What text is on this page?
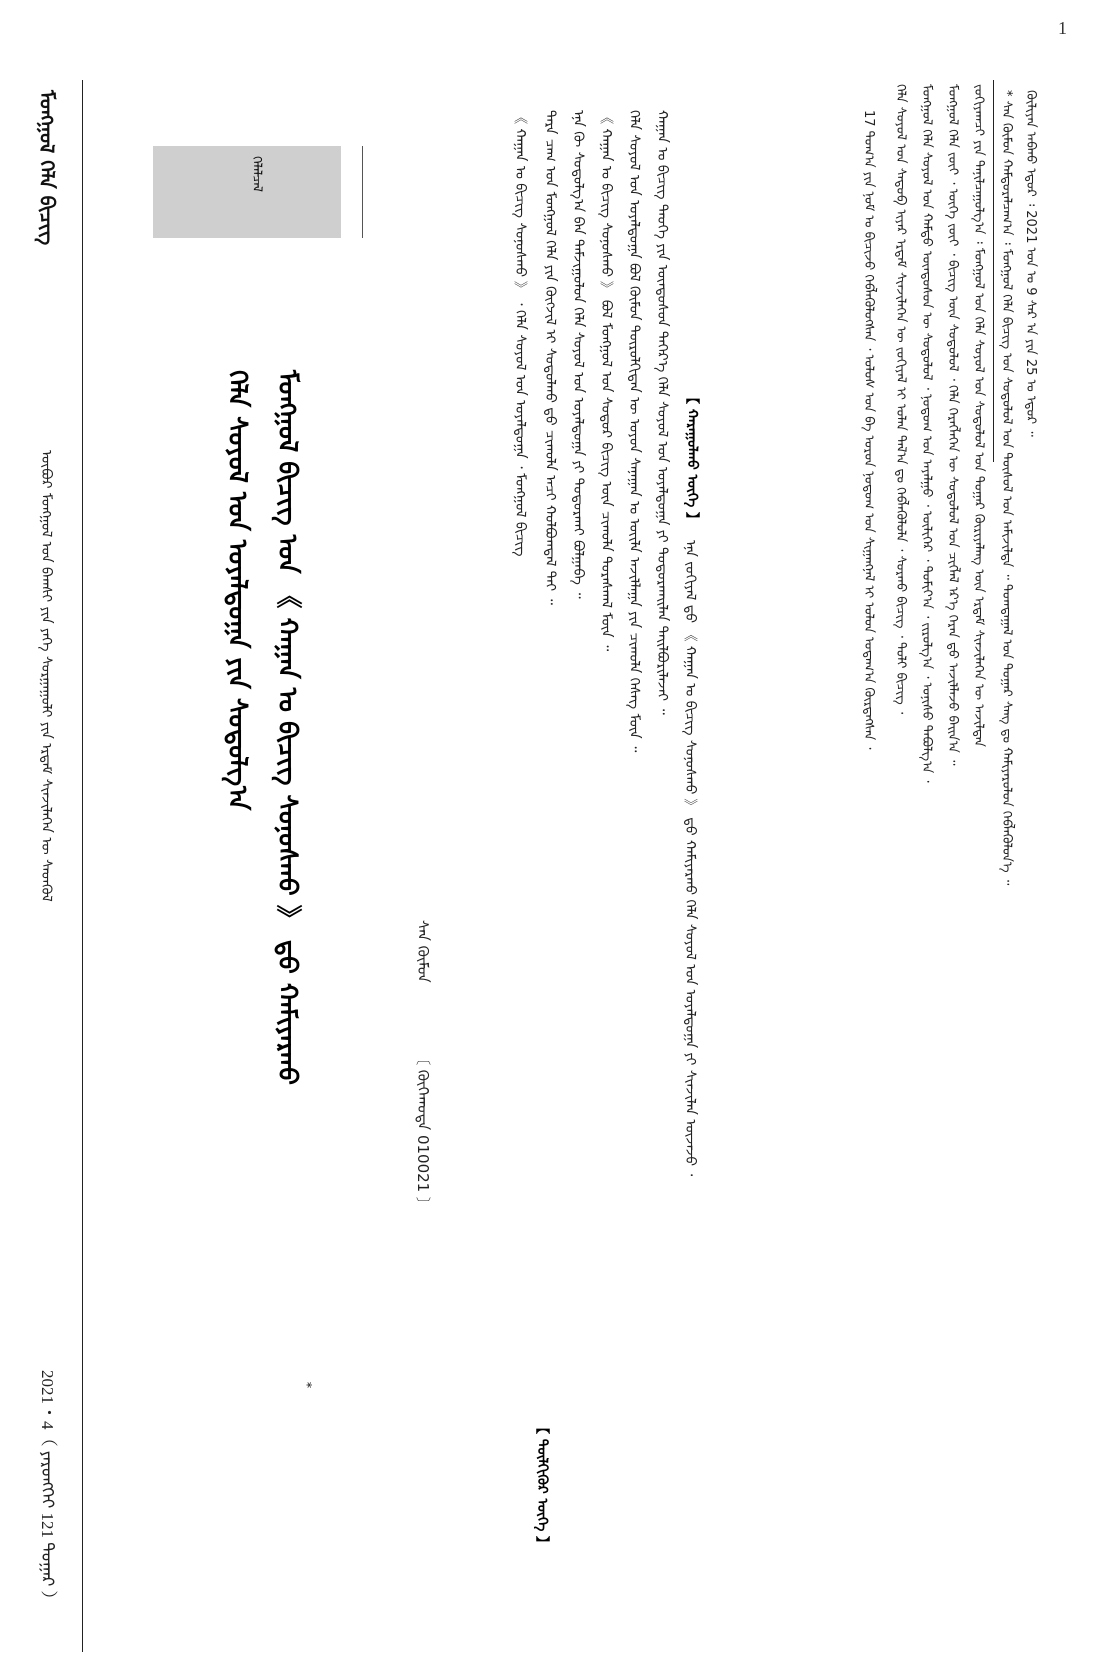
1
ᠬᠦᠯᠢᠶᠡᠨ ᠠᠪᠬᠤ ᠡᠳᠦᠷ ᠄ 2021 ᠣᠨ ᠤ 9 ᠰᠠᠷ ᠠ ᠶᠢᠨ 25 ᠤ ᠡᠳᠦᠷ ᠃
* ᠰᠠᠨ ᠬᠥᠮᠦᠨ ᠬᠠᠮᠲᠤᠷᠠᠯᠴᠠᠭ᠎ᠠ ᠄ ᠮᠣᠩᠭᠣᠯ ᠬᠡᠯᠡ ᠪᠢᠴᠢᠭ ᠤᠨ ᠰᠤᠳᠤᠯᠤᠯ ᠤᠨ ᠲᠥᠰᠥᠯ ᠤᠨ ᠠᠮᠢᠵᠢᠯᠲᠠ ᠃ ᠲᠣᠭᠲᠠᠭᠠᠯ ᠤᠨ ᠳᠤᠭᠠᠷ ᠰᠠᠩ ᠳᠤ ᠬᠠᠮᠢᠶᠠᠷᠤᠯᠤᠨ ᠬᠡᠪᠯᠡᠭᠦᠯᠦᠨ᠎ᠡ ᠃
ᠵᠣᠬᠢᠶᠠᠭᠴᠢ ᠶᠢᠨ ᠲᠠᠨᠢᠯᠴᠠᠭᠤᠯᠭ᠎ᠠ ᠄ ᠮᠣᠩᠭᠣᠯ ᠤᠨ ᠬᠡᠯᠡ ᠰᠣᠶᠣᠯ ᠤᠨ ᠰᠤᠳᠤᠯᠤᠯ ᠤᠨ ᠳᠤᠭᠠᠷ ᠬᠦᠷᠢᠶᠡᠯᠡᠩ ᠦᠨ ᠡᠷᠳᠡᠮ ᠰᠢᠨᠵᠢᠯᠡᠭᠡᠨ ᠦ ᠠᠵᠢᠯᠲᠠᠨ
ᠮᠣᠩᠭᠣᠯ ᠬᠡᠯᠡ ᠵᠦᠢ ᠂ ᠦᠭᠡ ᠵᠦᠢ ᠂ ᠪᠢᠴᠢᠭ ᠦᠨ ᠰᠤᠳᠤᠯᠤᠯ ᠂ ᠬᠡᠯᠡ ᠬᠡᠷᠡᠭᠯᠡᠭᠡᠨ ᠦ ᠰᠤᠳᠤᠯᠤᠯ ᠤᠨ ᠴᠢᠭᠯᠡᠯ ᠡᠷ᠎ᠡ ᠭᠡᠷᠡᠨ ᠳ᠋ᠦ ᠠᠵᠢᠯᠯᠠᠵᠤ ᠪᠠᠢᠨ᠎ᠠ ᠃
ᠮᠣᠩᠭᠣᠯ ᠬᠡᠯᠡ ᠰᠣᠶᠣᠯ ᠤᠨ ᠬᠠᠮᠲᠤ ᠦᠨᠳᠦᠰᠦᠨ ᠦ ᠰᠤᠳᠤᠯᠤᠯ ᠂ ᠨᠤᠲᠤᠭ ᠤᠨ ᠠᠶᠠᠯᠭᠤ ᠂ ᠦᠯᠢᠭᠡᠷ ᠂ ᠲᠣᠮᠢᠶ᠎ᠠ ᠂ ᠵᠢᠷᠤᠯᠭ᠎ᠠ ᠂ ᠣᠨᠢᠰᠤ ᠳᠠᠪᠤᠯᠭ᠎ᠠ ᠂
ᠬᠡᠯᠡ ᠰᠣᠶᠣᠯ ᠤᠨ ᠰᠡᠳᠦᠪ ᠢᠶᠡᠷ ᠡᠷᠳᠡᠮ ᠰᠢᠨᠵᠢᠯᠡᠭᠡᠨ ᠦ ᠵᠣᠬᠢᠶᠠᠯ ᠢ ᠣᠯᠠᠨ ᠲᠠᠯ᠎ᠠ ᠳᠤ ᠬᠡᠪᠯᠡᠭᠦᠯᠦᠯᠡ ᠂ ᠰᠤᠷᠬᠤ ᠪᠢᠴᠢᠭ ᠂ ᠲᠣᠯᠢ ᠪᠢᠴᠢᠭ ᠂
17 ᠲᠣᠭ᠎ᠠ ᠶᠢᠨ ᠨᠣᠮ ᠣ ᠪᠢᠴᠢᠵᠦ ᠬᠡᠪᠯᠡᠭᠦᠯᠦᠭᠰᠡᠨ ᠂ ᠤᠯᠤᠰ ᠤᠨ ᠪᠠ ᠣᠷᠤᠨ ᠨᠤᠲᠤᠭ ᠤᠨ ᠰᠢᠭᠠᠩᠨᠠᠯ ᠢ ᠣᠯᠤᠨ ᠤᠳᠠᠭ᠎ᠠ ᠬᠦᠷᠲᠡᠭᠰᠡᠨ ᠂
ᠮᠣᠩᠭᠣᠯ ᠪᠢᠴᠢᠭ ᠤᠨ 《 ᠬᠠᠭᠠᠨ ᠤ ᠪᠢᠴᠢᠭ ᠰᠣᠨᠤᠰᠬᠤ 》 ᠳ᠋ᠤ ᠬᠠᠮᠢᠶᠠᠷᠬᠤ
ᠬᠡᠯᠡ ᠰᠣᠶᠣᠯ ᠤᠨ ᠤᠶᠠᠯᠳᠤᠭᠠ ᠶᠢᠨ ᠰᠤᠳᠤᠯᠭ᠎ᠠ
*
ᠰᠠᠨ ᠬᠥᠮᠦᠨ
〔 ᠬᠥᠬᠡᠬᠣᠲᠠ 010021 〕
ᠬᠡᠯᠡᠯᠴᠡᠯ
【 ᠬᠠᠷᠠᠭᠤᠯᠬᠤ ᠦᠭᠡ 】
ᠡᠨᠡ ᠵᠣᠬᠢᠶᠠᠯ ᠳ᠋ᠤ 《 ᠬᠠᠭᠠᠨ ᠤ ᠪᠢᠴᠢᠭ ᠰᠣᠨᠤᠰᠬᠤ 》 ᠳ᠋ᠤ ᠬᠠᠮᠢᠶᠠᠷᠬᠤ ᠬᠡᠯᠡ ᠰᠣᠶᠣᠯ ᠤᠨ ᠤᠶᠠᠯᠳᠤᠭᠠ ᠶᠢ ᠰᠢᠨᠵᠢᠯᠡᠨ ᠦᠵᠡᠵᠦ ᠂
ᠬᠠᠭᠠᠨ ᠤ ᠪᠢᠴᠢᠭ ᠲᠡᠦᠬᠡ ᠶᠢᠨ ᠦᠨᠳᠦᠰᠦᠨ ᠳᠡᠭᠡᠷ᠎ᠡ ᠬᠡᠯᠡ ᠰᠣᠶᠣᠯ ᠤᠨ ᠤᠶᠠᠯᠳᠤᠭᠠ ᠶᠢ ᠲᠣᠳᠤᠷᠬᠠᠢᠯᠠᠨ ᠲᠠᠢᠯᠪᠤᠷᠢᠯᠠᠵᠠᠢ ᠃
ᠬᠡᠯᠡ ᠰᠣᠶᠣᠯ ᠤᠨ ᠤᠶᠠᠯᠳᠤᠭᠠ ᠪᠣᠯ ᠬᠦᠮᠦᠨ ᠲᠥᠷᠦᠯᠬᠢᠲᠡᠨ ᠦ ᠣᠶᠤᠨ ᠰᠠᠨᠠᠭᠠᠨ ᠤ ᠦᠢᠯᠡ ᠠᠵᠢᠯᠯᠠᠭᠠ ᠶᠢᠨ ᠴᠢᠬᠤᠯᠠ ᠬᠡᠰᠡᠭ ᠮᠥᠨ ᠃
《 ᠬᠠᠭᠠᠨ ᠤ ᠪᠢᠴᠢᠭ ᠰᠣᠨᠤᠰᠬᠤ 》 ᠪᠣᠯ ᠮᠣᠩᠭᠣᠯ ᠤᠨ ᠰᠤᠳᠤᠷ ᠪᠢᠴᠢᠭ ᠦᠨ ᠴᠢᠬᠤᠯᠠ ᠳᠤᠷᠠᠰᠬᠠᠯ ᠮᠥᠨ ᠃
ᠡᠨᠡ ᠬᠦ ᠰᠤᠳᠤᠯᠭ᠎ᠠ ᠪᠠᠨ ᠳᠠᠮᠵᠢᠭᠤᠯᠤᠨ ᠬᠡᠯᠡ ᠰᠣᠶᠣᠯ ᠤᠨ ᠤᠶᠠᠯᠳᠤᠭᠠ ᠶᠢ ᠲᠣᠳᠤᠷᠬᠠᠢ ᠪᠣᠯᠭᠠᠪᠠ ᠃
ᠲᠡᠷᠡ ᠴᠠᠭ ᠤᠨ ᠮᠣᠩᠭᠣᠯ ᠬᠡᠯᠡ ᠶᠢᠨ ᠬᠥᠭᠵᠢᠯ ᠢ ᠰᠤᠳᠤᠯᠬᠤ ᠳ᠋ᠤ ᠴᠢᠬᠤᠯᠠ ᠠᠴᠢ ᠬᠣᠯᠪᠣᠭᠳᠠᠯ ᠲᠠᠢ ᠃
【 ᠲᠦᠯᠬᠢᠭᠦᠷ ᠦᠭᠡ 】
《 ᠬᠠᠭᠠᠨ ᠤ ᠪᠢᠴᠢᠭ ᠰᠣᠨᠤᠰᠬᠤ 》 ᠂ ᠬᠡᠯᠡ ᠰᠣᠶᠣᠯ ᠤᠨ ᠤᠶᠠᠯᠳᠤᠭᠠ ᠂ ᠮᠣᠩᠭᠣᠯ ᠪᠢᠴᠢᠭ
ᠮᠣᠩᠭᠣᠯ ᠬᠡᠯᠡ ᠪᠢᠴᠢᠭ
ᠥᠪᠦᠷ ᠮᠣᠩᠭᠣᠯ ᠤᠨ ᠪᠠᠭᠰᠢ ᠶᠢᠨ ᠶᠡᠬᠡ ᠰᠤᠷᠭᠠᠭᠤᠯᠢ ᠶᠢᠨ ᠡᠷᠳᠡᠮ ᠰᠢᠨᠵᠢᠯᠡᠭᠡᠨ ᠦ ᠰᠡᠳᠬᠦᠯ
2021・4（ ᠶᠡᠷᠦᠩᠬᠡᠢ 121 ᠳᠤᠭᠠᠷ ）
